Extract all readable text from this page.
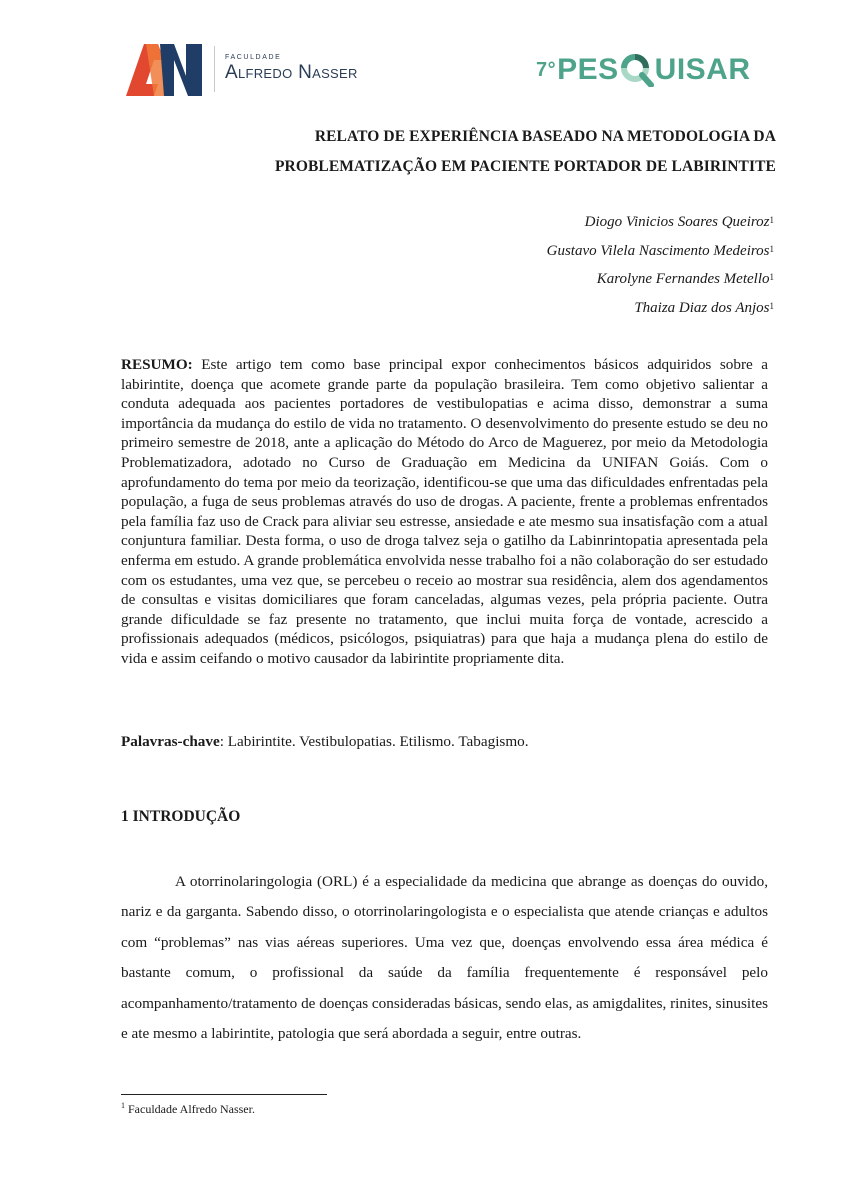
FACULDADE
Alfredo Nasser	7° PES UISAR
RELATO DE EXPERIÊNCIA BASEADO NA METODOLOGIA DA
PROBLEMATIZAÇÃO EM PACIENTE PORTADOR DE LABIRINTITE
Diogo Vinicios Soares Queiroz$^1$
Gustavo Vilela Nascimento Medeiros$^1$
Karolyne Fernandes Metello$^1$
Thaiza Diaz dos Anjos$^1$
RESUMO: Este artigo tem como base principal expor conhecimentos básicos adquiridos sobre a labirintite, doença que acomete grande parte da população brasileira. Tem como objetivo salientar a conduta adequada aos pacientes portadores de vestibulopatias e acima disso, demonstrar a suma importância da mudança do estilo de vida no tratamento. O desenvolvimento do presente estudo se deu no primeiro semestre de 2018, ante a aplicação do Método do Arco de Maguerez, por meio da Metodologia Problematizadora, adotado no Curso de Graduação em Medicina da UNIFAN Goiás. Com o aprofundamento do tema por meio da teorização, identificou-se que uma das dificuldades enfrentadas pela população, a fuga de seus problemas através do uso de drogas. A paciente, frente a problemas enfrentados pela família faz uso de Crack para aliviar seu estresse, ansiedade e ate mesmo sua insatisfação com a atual conjuntura familiar. Desta forma, o uso de droga talvez seja o gatilho da Labinrintopatia apresentada pela enferma em estudo. A grande problemática envolvida nesse trabalho foi a não colaboração do ser estudado com os estudantes, uma vez que, se percebeu o receio ao mostrar sua residência, alem dos agendamentos de consultas e visitas domiciliares que foram canceladas, algumas vezes, pela própria paciente. Outra grande dificuldade se faz presente no tratamento, que inclui muita força de vontade, acrescido a profissionais adequados (médicos, psicólogos, psiquiatras) para que haja a mudança plena do estilo de vida e assim ceifando o motivo causador da labirintite propriamente dita.
Palavras-chave: Labirintite. Vestibulopatias. Etilismo. Tabagismo.
1 INTRODUÇÃO
A otorrinolaringologia (ORL) é a especialidade da medicina que abrange as doenças do ouvido, nariz e da garganta. Sabendo disso, o otorrinolaringologista e o especialista que atende crianças e adultos com “problemas” nas vias aéreas superiores. Uma vez que, doenças envolvendo essa área médica é bastante comum, o profissional da saúde da família frequentemente é responsável pelo acompanhamento/tratamento de doenças consideradas básicas, sendo elas, as amigdalites, rinites, sinusites e ate mesmo a labirintite, patologia que será abordada a seguir, entre outras.
$^1$ Faculdade Alfredo Nasser.
